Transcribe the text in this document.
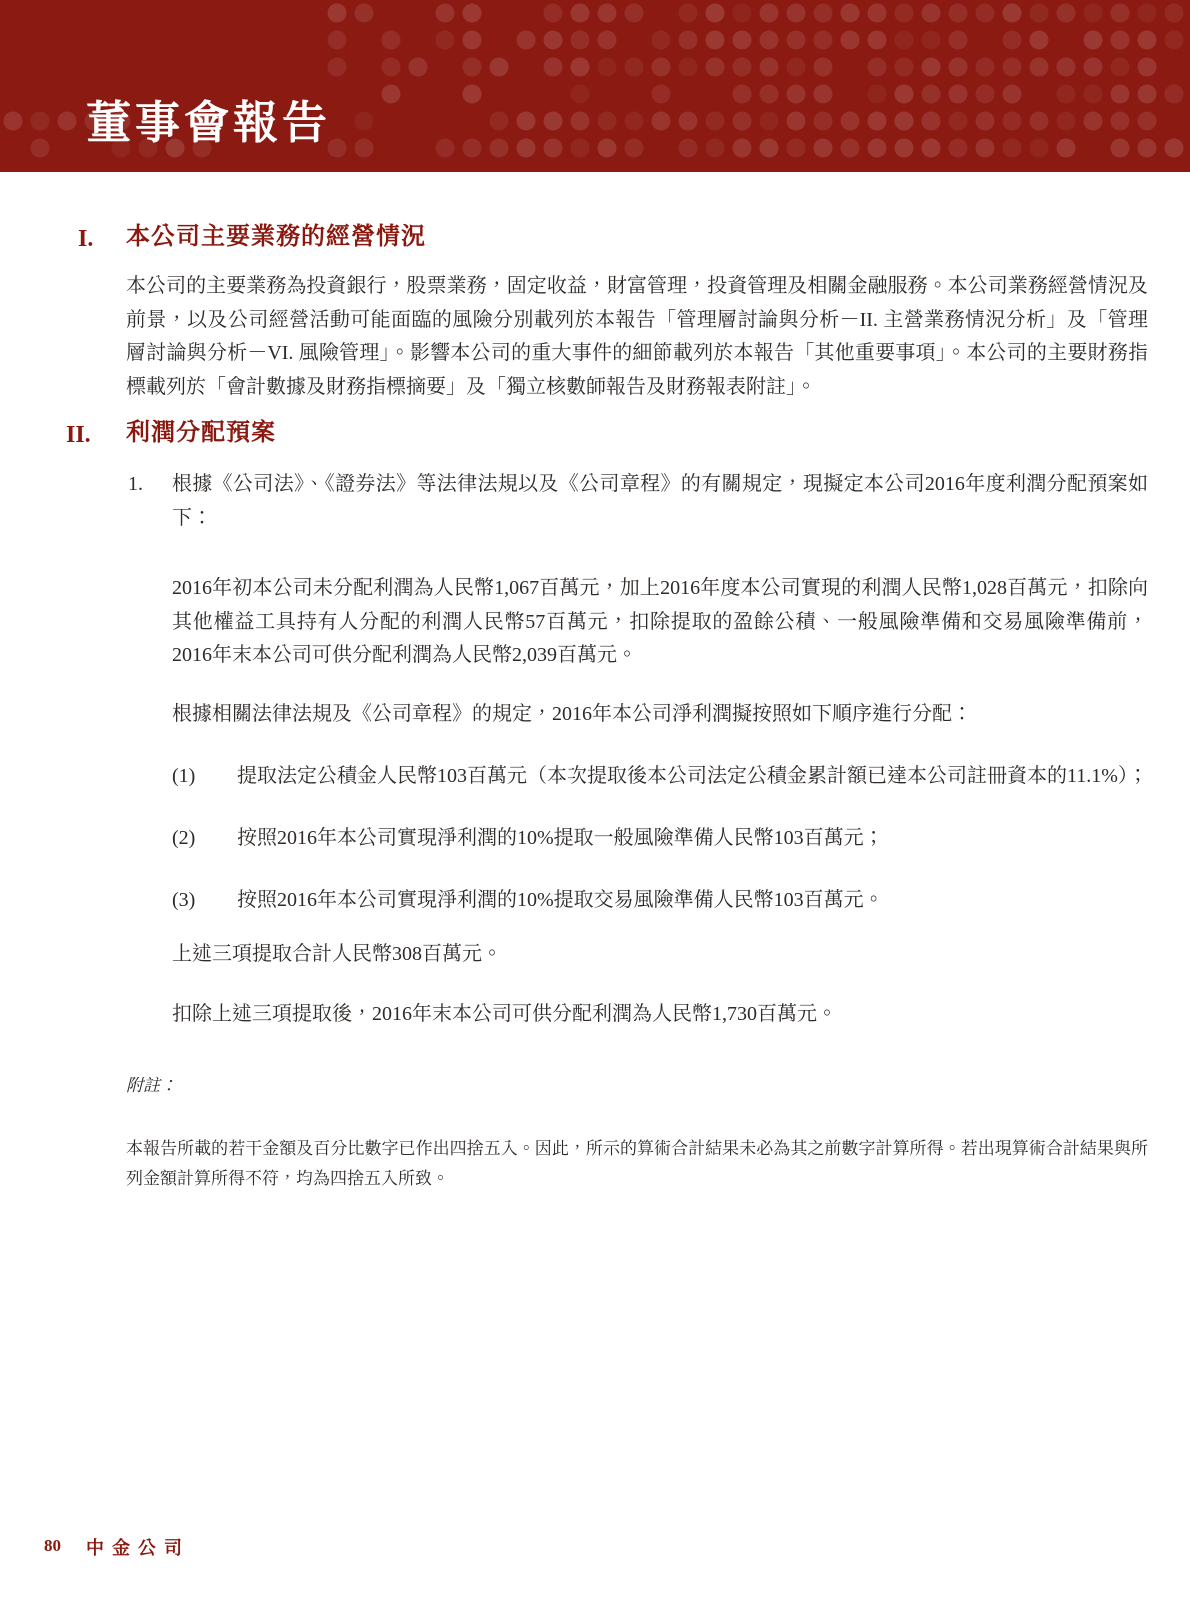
董事會報告
I. 本公司主要業務的經營情況

本公司的主要業務為投資銀行，股票業務，固定收益，財富管理，投資管理及相關金融服務。本公司業務經營情況及前景，以及公司經營活動可能面臨的風險分別載列於本報告「管理層討論與分析－II. 主營業務情況分析」及「管理層討論與分析－VI. 風險管理」。影響本公司的重大事件的細節載列於本報告「其他重要事項」。本公司的主要財務指標載列於「會計數據及財務指標摘要」及「獨立核數師報告及財務報表附註」。

II. 利潤分配預案
1. 根據《公司法》、《證券法》等法律法規以及《公司章程》的有關規定，現擬定本公司2016年度利潤分配預案如下：

2016年初本公司未分配利潤為人民幣1,067百萬元，加上2016年度本公司實現的利潤人民幣1,028百萬元，扣除向其他權益工具持有人分配的利潤人民幣57百萬元，扣除提取的盈餘公積、一般風險準備和交易風險準備前，2016年末本公司可供分配利潤為人民幣2,039百萬元。

根據相關法律法規及《公司章程》的規定，2016年本公司淨利潤擬按照如下順序進行分配：

(1) 提取法定公積金人民幣103百萬元（本次提取後本公司法定公積金累計額已達本公司註冊資本的11.1%）；

(2) 按照2016年本公司實現淨利潤的10%提取一般風險準備人民幣103百萬元；

(3) 按照2016年本公司實現淨利潤的10%提取交易風險準備人民幣103百萬元。

上述三項提取合計人民幣308百萬元。

扣除上述三項提取後，2016年末本公司可供分配利潤為人民幣1,730百萬元。

附註：

本報告所載的若干金額及百分比數字已作出四捨五入。因此，所示的算術合計結果未必為其之前數字計算所得。若出現算術合計結果與所列金額計算所得不符，均為四捨五入所致。

80 中金公司
